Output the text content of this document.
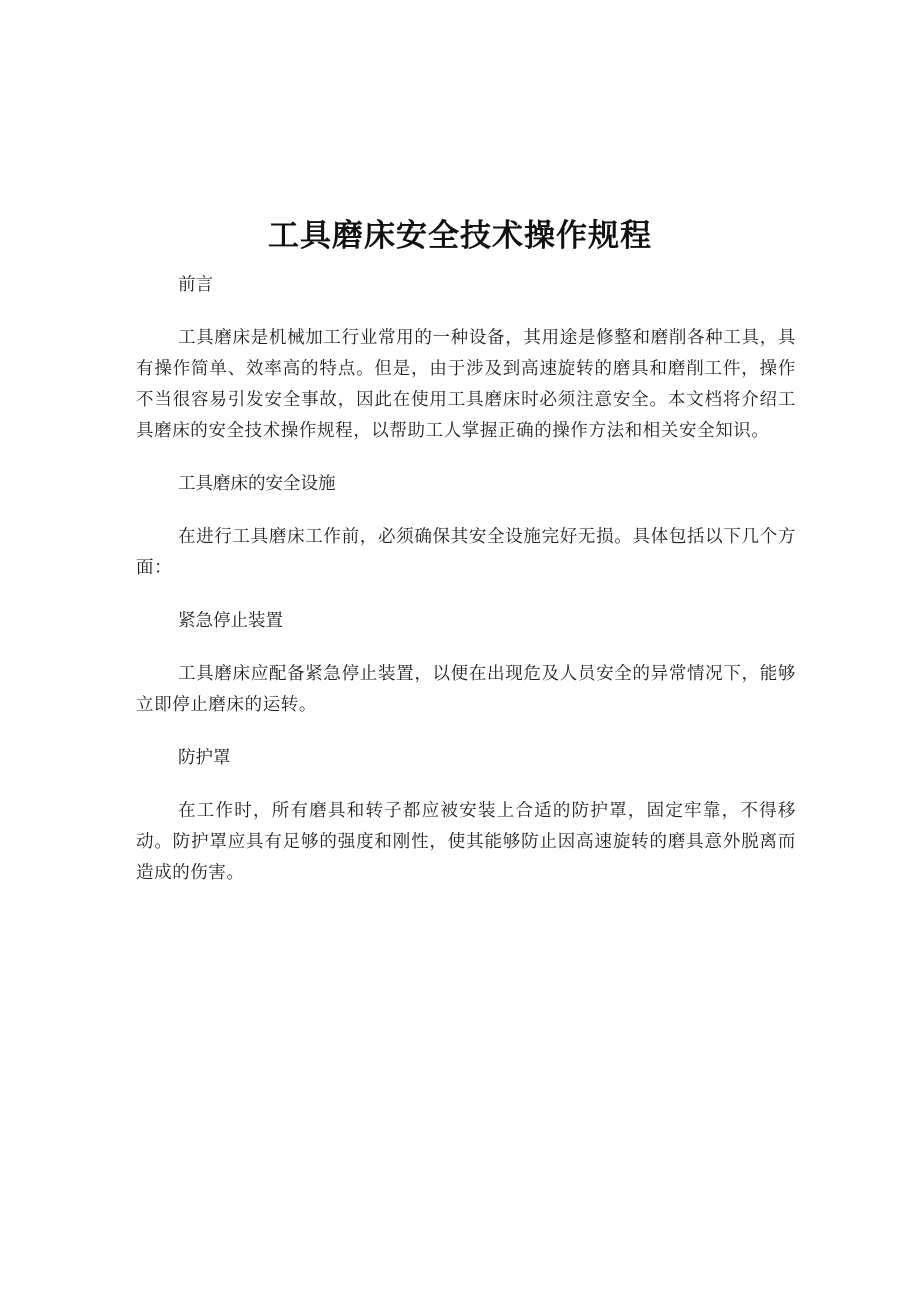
工具磨床安全技术操作规程

前言

工具磨床是机械加工行业常用的一种设备，其用途是修整和磨削各种工具，具有操作简单、效率高的特点。但是，由于涉及到高速旋转的磨具和磨削工件，操作不当很容易引发安全事故，因此在使用工具磨床时必须注意安全。本文档将介绍工具磨床的安全技术操作规程，以帮助工人掌握正确的操作方法和相关安全知识。

工具磨床的安全设施

在进行工具磨床工作前，必须确保其安全设施完好无损。具体包括以下几个方面：

紧急停止装置

工具磨床应配备紧急停止装置，以便在出现危及人员安全的异常情况下，能够立即停止磨床的运转。

防护罩

在工作时，所有磨具和转子都应被安装上合适的防护罩，固定牢靠，不得移动。防护罩应具有足够的强度和刚性，使其能够防止因高速旋转的磨具意外脱离而造成的伤害。
